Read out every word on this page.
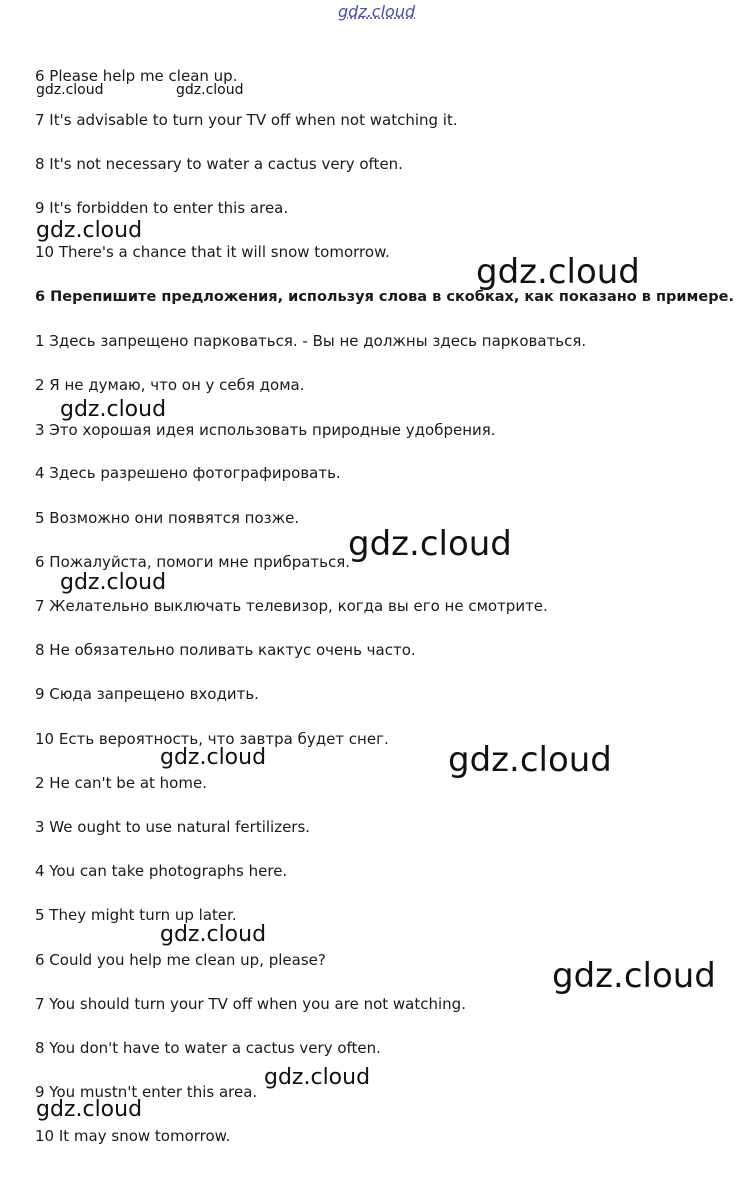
gdz.cloud
6 Please help me clean up.
7 It's advisable to turn your TV off when not watching it.
8 It's not necessary to water a cactus very often.
9 It's forbidden to enter this area.
10 There's a chance that it will snow tomorrow.
6 Перепишите предложения, используя слова в скобках, как показано в примере.
1 Здесь запрещено парковаться. - Вы не должны здесь парковаться.
2 Я не думаю, что он у себя дома.
3 Это хорошая идея использовать природные удобрения.
4 Здесь разрешено фотографировать.
5 Возможно они появятся позже.
6 Пожалуйста, помоги мне прибраться.
7 Желательно выключать телевизор, когда вы его не смотрите.
8 Не обязательно поливать кактус очень часто.
9 Сюда запрещено входить.
10 Есть вероятность, что завтра будет снег.
2 He can't be at home.
3 We ought to use natural fertilizers.
4 You can take photographs here.
5 They might turn up later.
6 Could you help me clean up, please?
7 You should turn your TV off when you are not watching.
8 You don't have to water a cactus very often.
9 You mustn't enter this area.
10 It may snow tomorrow.
gdz.cloud	gdz.cloud
gdz.cloud
gdz.cloud
gdz.cloud
gdz.cloud
gdz.cloud
gdz.cloud	gdz.cloud
gdz.cloud
gdz.cloud
gdz.cloud
gdz.cloud
